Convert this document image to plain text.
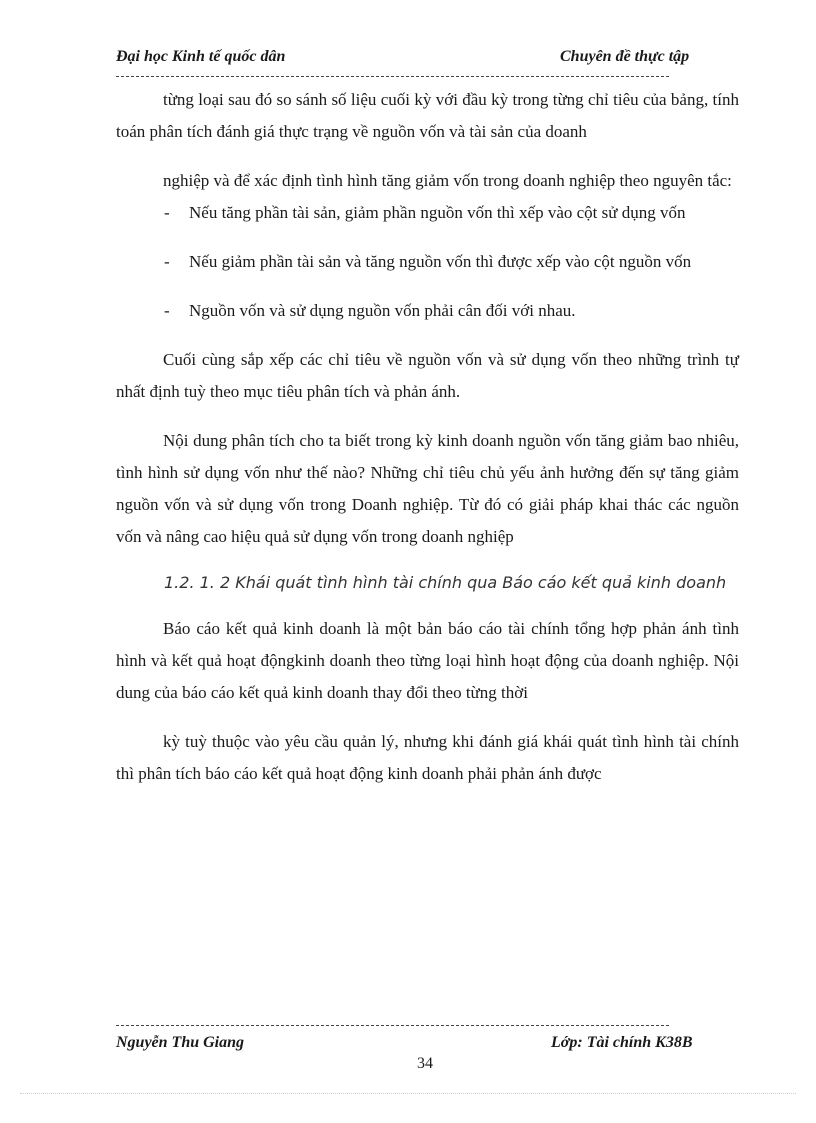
Đại học Kinh tế quốc dân	Chuyên đề thực tập

từng loại sau đó so sánh số liệu cuối kỳ với đầu kỳ trong từng chỉ tiêu của bảng, tính toán phân tích đánh giá thực trạng về nguồn vốn và tài sản của doanh

nghiệp và để xác định tình hình tăng giảm vốn trong doanh nghiệp theo nguyên tắc:

- Nếu tăng phần tài sản, giảm phần nguồn vốn thì xếp vào cột sử dụng vốn
- Nếu giảm phần tài sản và tăng nguồn vốn thì được xếp vào cột nguồn vốn
- Nguồn vốn và sử dụng nguồn vốn phải cân đối với nhau.

Cuối cùng sắp xếp các chỉ tiêu về nguồn vốn và sử dụng vốn theo những trình tự nhất định tuỳ theo mục tiêu phân tích và phản ánh.

Nội dung phân tích cho ta biết trong kỳ kinh doanh nguồn vốn tăng giảm bao nhiêu, tình hình sử dụng vốn như thế nào? Những chỉ tiêu chủ yếu ảnh hưởng đến sự tăng giảm nguồn vốn và sử dụng vốn trong Doanh nghiệp. Từ đó có giải pháp khai thác các nguồn vốn và nâng cao hiệu quả sử dụng vốn trong doanh nghiệp

1.2. 1. 2 Khái quát tình hình tài chính qua Báo cáo kết quả kinh doanh

Báo cáo kết quả kinh doanh là một bản báo cáo tài chính tổng hợp phản ánh tình hình và kết quả hoạt độngkinh doanh theo từng loại hình hoạt động của doanh nghiệp. Nội dung của báo cáo kết quả kinh doanh thay đổi theo từng thời

kỳ tuỳ thuộc vào yêu cầu quản lý, nhưng khi đánh giá khái quát tình hình tài chính thì phân tích báo cáo kết quả hoạt động kinh doanh phải phản ánh được

Nguyễn Thu Giang	Lớp: Tài chính K38B
34
